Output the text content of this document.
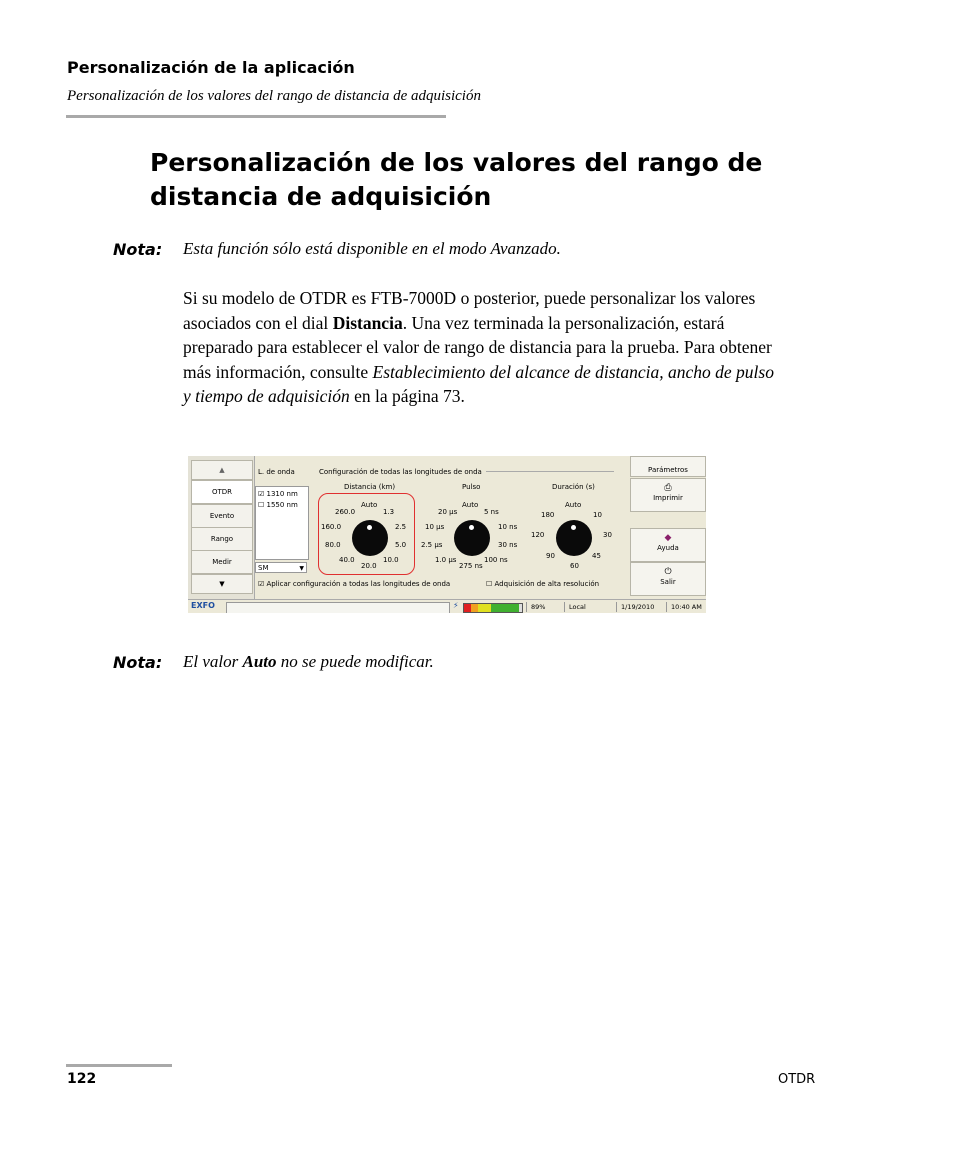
Personalización de la aplicación
Personalización de los valores del rango de distancia de adquisición
Personalización de los valores del rango de distancia de adquisición
Nota: Esta función sólo está disponible en el modo Avanzado.
Si su modelo de OTDR es FTB-7000D o posterior, puede personalizar los valores asociados con el dial Distancia. Una vez terminada la personalización, estará preparado para establecer el valor de rango de distancia para la prueba. Para obtener más información, consulte Establecimiento del alcance de distancia, ancho de pulso y tiempo de adquisición en la página 73.
▲
OTDR
Evento
Rango
Medir
▼
L. de onda
☑ 1310 nm
☐ 1550 nm
SM	▼
Configuración de todas las longitudes de onda
Distancia (km)
Auto
1.3
2.5
5.0
10.0
20.0
40.0
80.0
160.0
260.0
Pulso
Auto
5 ns
10 ns
30 ns
100 ns
275 ns
1.0 µs
2.5 µs
10 µs
20 µs
Duración (s)
Auto
10
30
45
60
90
120
180
☑ Aplicar configuración a todas las longitudes de onda	☐ Adquisición de alta resolución
Parámetros
⎙
Imprimir
◆
Ayuda
⏻
Salir
EXFO	⚡	89%	Local	1/19/2010	10:40 AM
Nota: El valor Auto no se puede modificar.
122	OTDR
